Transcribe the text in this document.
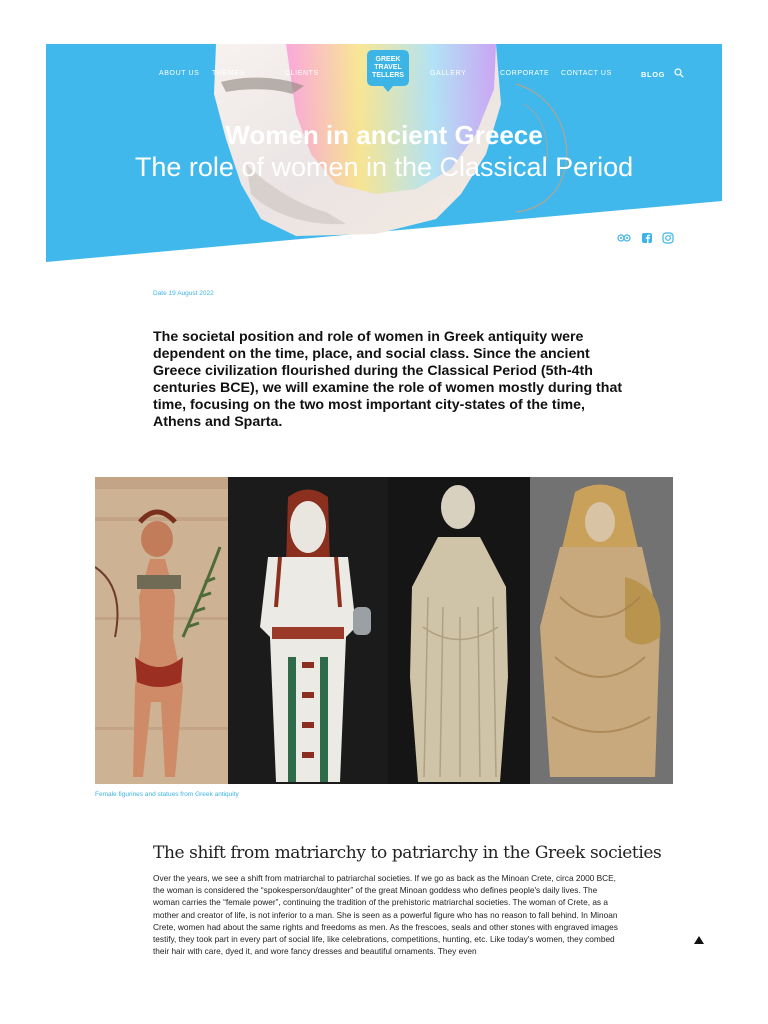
ABOUT US THEMES	CLIENTS	GALLERY	CORPORATE CONTACT US	BLOG
GREEK
TRAVEL
TELLERS
Women in ancient Greece
The role of women in the Classical Period
Date 19 August 2022

The societal position and role of women in Greek antiquity were dependent on the time, place, and social class. Since the ancient Greece civilization flourished during the Classical Period (5th-4th centuries BCE), we will examine the role of women mostly during that time, focusing on the two most important city-states of the time, Athens and Sparta.

Female figurines and statues from Greek antiquity
The shift from matriarchy to patriarchy in the Greek societies

Over the years, we see a shift from matriarchal to patriarchal societies. If we go as back as the Minoan Crete, circa 2000 BCE, the woman is considered the “spokesperson/daughter” of the great Minoan goddess who defines people's daily lives. The woman carries the “female power”, continuing the tradition of the prehistoric matriarchal societies. The woman of Crete, as a mother and creator of life, is not inferior to a man. She is seen as a powerful figure who has no reason to fall behind. In Minoan Crete, women had about the same rights and freedoms as men. As the frescoes, seals and other stones with engraved images testify, they took part in every part of social life, like celebrations, competitions, hunting, etc. Like today's women, they combed their hair with care, dyed it, and wore fancy dresses and beautiful ornaments. They even
